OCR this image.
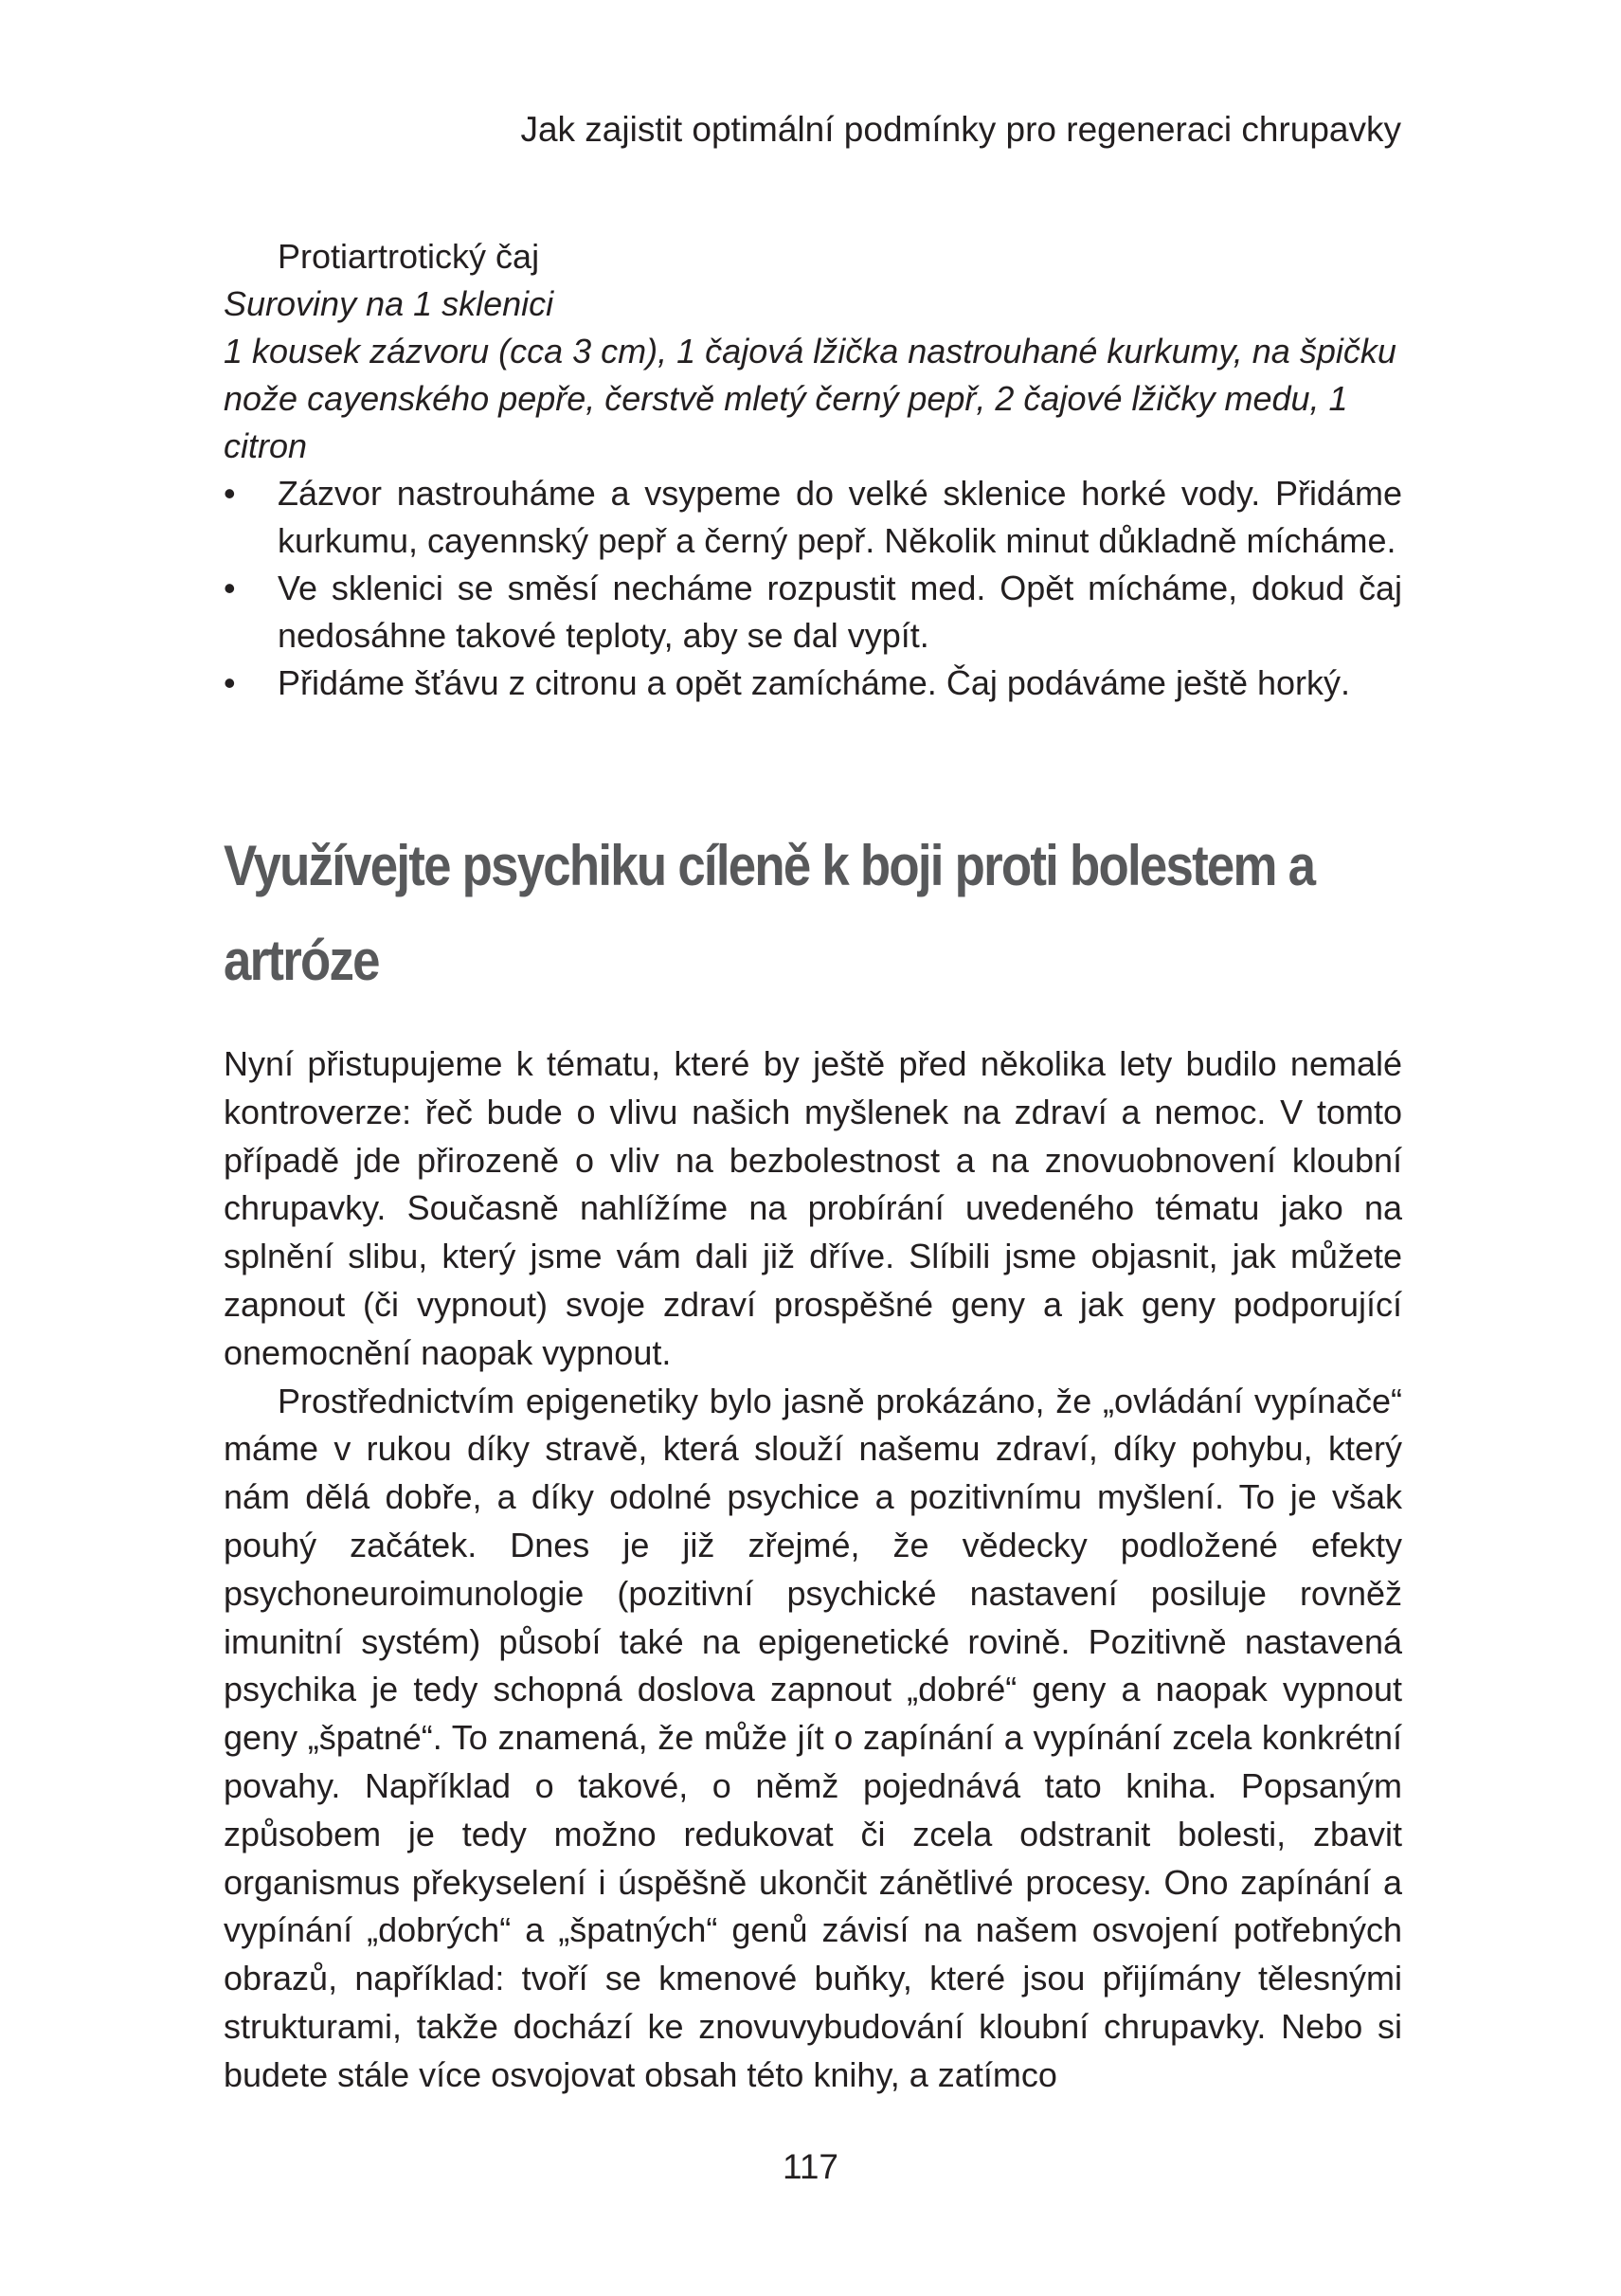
Jak zajistit optimální podmínky pro regeneraci chrupavky
Protiartrotický čaj
Suroviny na 1 sklenici
1 kousek zázvoru (cca 3 cm), 1 čajová lžička nastrouhané kurkumy, na špičku nože cayenského pepře, čerstvě mletý černý pepř, 2 čajové lžičky medu, 1 citron
• Zázvor nastrouháme a vsypeme do velké sklenice horké vody. Přidáme kurkumu, cayennský pepř a černý pepř. Několik minut důkladně mícháme.
• Ve sklenici se směsí necháme rozpustit med. Opět mícháme, dokud čaj nedosáhne takové teploty, aby se dal vypít.
• Přidáme šťávu z citronu a opět zamícháme. Čaj podáváme ještě horký.
Využívejte psychiku cíleně k boji proti bolestem a artróze

Nyní přistupujeme k tématu, které by ještě před několika lety budilo nemalé kontroverze: řeč bude o vlivu našich myšlenek na zdraví a nemoc. V tomto případě jde přirozeně o vliv na bezbolestnost a na znovuobnovení kloubní chrupavky. Současně nahlížíme na probírání uvedeného tématu jako na splnění slibu, který jsme vám dali již dříve. Slíbili jsme objasnit, jak můžete zapnout (či vypnout) svoje zdraví prospěšné geny a jak geny podporující onemocnění naopak vypnout.

Prostřednictvím epigenetiky bylo jasně prokázáno, že „ovládání vypínače“ máme v rukou díky stravě, která slouží našemu zdraví, díky pohybu, který nám dělá dobře, a díky odolné psychice a pozitivnímu myšlení. To je však pouhý začátek. Dnes je již zřejmé, že vědecky podložené efekty psychoneuroimunologie (pozitivní psychické nastavení posiluje rovněž imunitní systém) působí také na epigenetické rovině. Pozitivně nastavená psychika je tedy schopná doslova zapnout „dobré“ geny a naopak vypnout geny „špatné“. To znamená, že může jít o zapínání a vypínání zcela konkrétní povahy. Například o takové, o němž pojednává tato kniha. Popsaným způsobem je tedy možno redukovat či zcela odstranit bolesti, zbavit organismus překyselení i úspěšně ukončit zánětlivé procesy. Ono zapínání a vypínání „dobrých“ a „špatných“ genů závisí na našem osvojení potřebných obrazů, například: tvoří se kmenové buňky, které jsou přijímány tělesnými strukturami, takže dochází ke znovuvybudování kloubní chrupavky. Nebo si budete stále více osvojovat obsah této knihy, a zatímco

117
